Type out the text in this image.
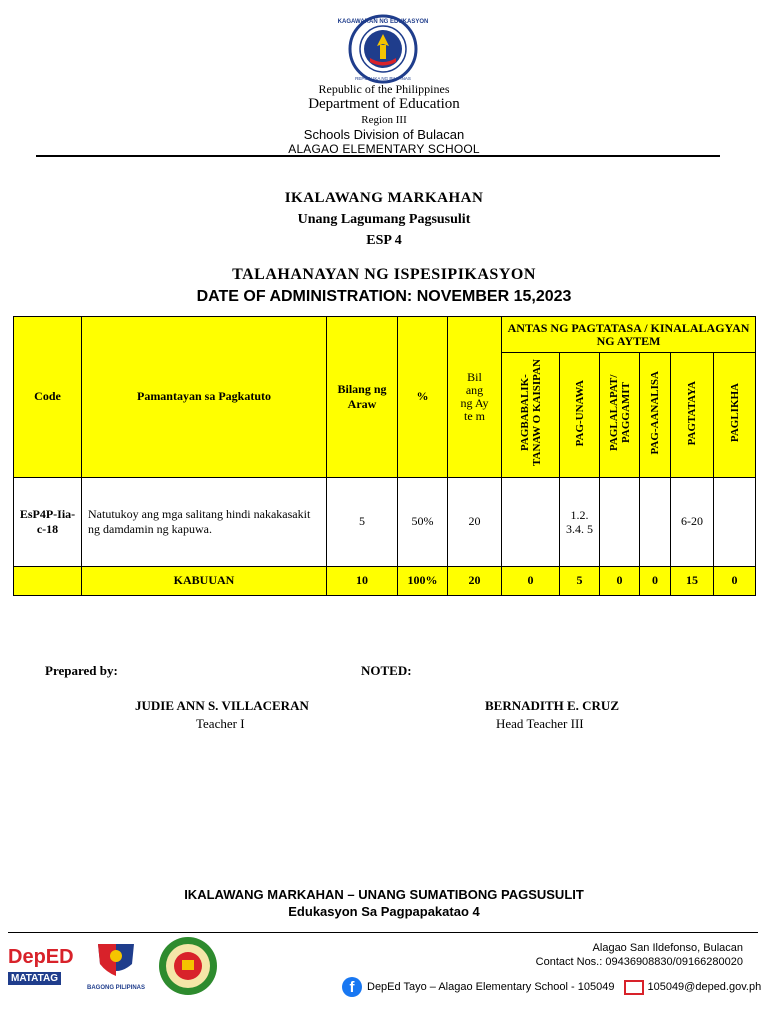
KAGAWARAN NG EDUKASYON
REPUBLIKA NG PILIPINAS
Republic of the Philippines
Department of Education
Region III
Schools Division of Bulacan
ALAGAO ELEMENTARY SCHOOL
IKALAWANG MARKAHAN
Unang Lagumang Pagsusulit
ESP 4
TALAHANAYAN NG ISPESIPIKASYON
DATE OF ADMINISTRATION: NOVEMBER 15,2023
Code	Pamantayan sa Pagkatuto	Bilang ng Araw	%	Bil ang ng Ay te m	ANTAS NG PAGTATASA / KINALALAGYAN NG AYTEM					
					PAGBABALIK-TANAW O KAISIPAN	PAG-UNAWA	PAGLALAPAT/ PAGGAMIT	PAG-AANALISA	PAGTATAYA	PAGLIKHA
EsP4P-Iia-c-18	Natutukoy ang mga salitang hindi nakakasakit ng damdamin ng kapuwa.	5	50%	20		1.2. 3.4. 5			6-20	
	KABUUAN	10	100%	20	0	5	0	0	15	0
Prepared by:	NOTED:
JUDIE ANN S. VILLACERAN
Teacher I
BERNADITH E. CRUZ
Head Teacher III
IKALAWANG MARKAHAN – UNANG SUMATIBONG PAGSUSULIT
Edukasyon Sa Pagpapakatao 4
DepED
MATATAG
BAGONG PILIPINAS
Alagao San Ildefonso, Bulacan
Contact Nos.: 09436908830/09166280020
f	DepEd Tayo – Alagao Elementary School - 105049	105049@deped.gov.ph
